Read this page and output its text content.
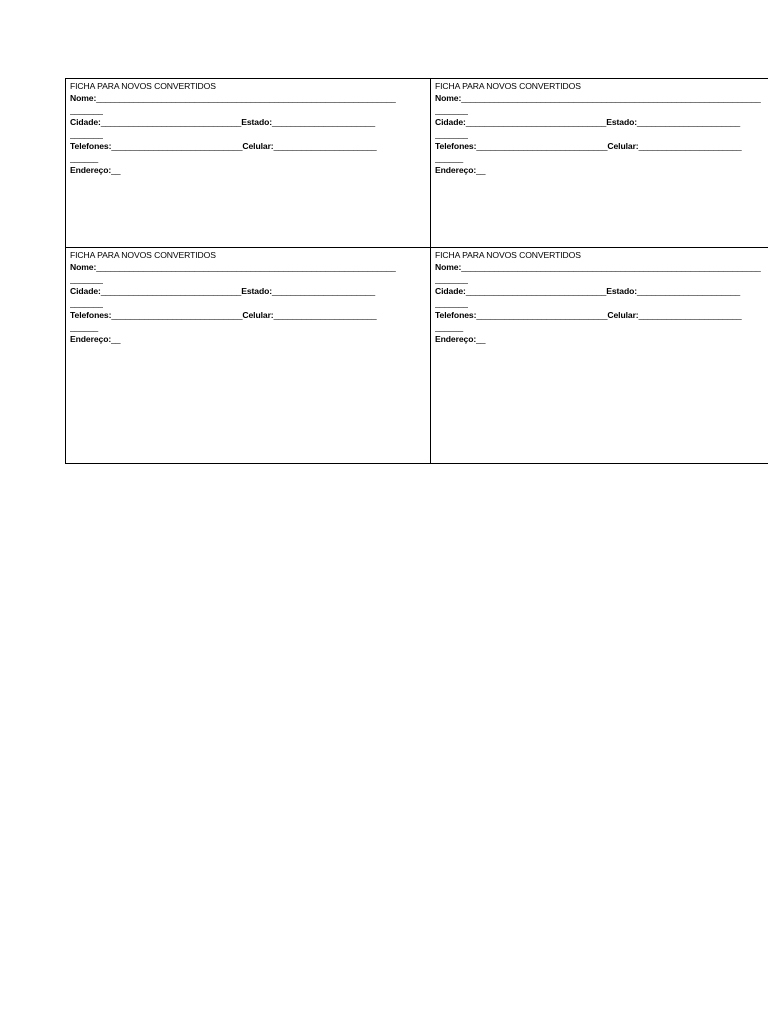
FICHA PARA NOVOS CONVERTIDOS
Nome:________________________________________________________________
_______
Cidade:______________________________Estado:______________________
_______
Telefones:____________________________Celular:______________________
______
Endereço:__
FICHA PARA NOVOS CONVERTIDOS
Nome:________________________________________________________________
_______
Cidade:______________________________Estado:______________________
_______
Telefones:____________________________Celular:______________________
______
Endereço:__
FICHA PARA NOVOS CONVERTIDOS
Nome:________________________________________________________________
_______
Cidade:______________________________Estado:______________________
_______
Telefones:____________________________Celular:______________________
______
Endereço:__
FICHA PARA NOVOS CONVERTIDOS
Nome:________________________________________________________________
_______
Cidade:______________________________Estado:______________________
_______
Telefones:____________________________Celular:______________________
______
Endereço:__
